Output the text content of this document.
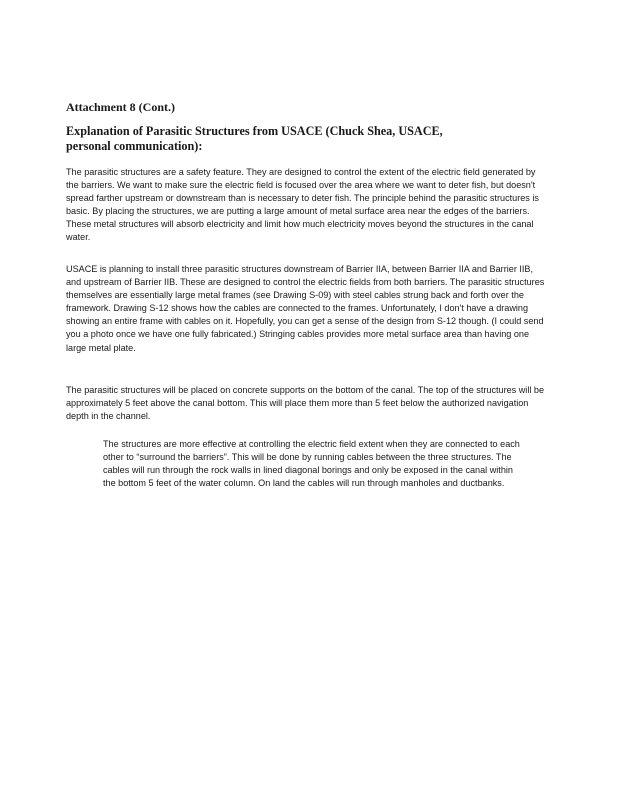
Attachment 8 (Cont.)
Explanation of Parasitic Structures from USACE (Chuck Shea, USACE, personal communication):

The parasitic structures are a safety feature. They are designed to control the extent of the electric field generated by the barriers. We want to make sure the electric field is focused over the area where we want to deter fish, but doesn't spread farther upstream or downstream than is necessary to deter fish. The principle behind the parasitic structures is basic. By placing the structures, we are putting a large amount of metal surface area near the edges of the barriers. These metal structures will absorb electricity and limit how much electricity moves beyond the structures in the canal water.

USACE is planning to install three parasitic structures downstream of Barrier IIA, between Barrier IIA and Barrier IIB, and upstream of Barrier IIB. These are designed to control the electric fields from both barriers. The parasitic structures themselves are essentially large metal frames (see Drawing S-09) with steel cables strung back and forth over the framework. Drawing S-12 shows how the cables are connected to the frames. Unfortunately, I don't have a drawing showing an entire frame with cables on it. Hopefully, you can get a sense of the design from S-12 though. (I could send you a photo once we have one fully fabricated.) Stringing cables provides more metal surface area than having one large metal plate.

The parasitic structures will be placed on concrete supports on the bottom of the canal. The top of the structures will be approximately 5 feet above the canal bottom. This will place them more than 5 feet below the authorized navigation depth in the channel.

The structures are more effective at controlling the electric field extent when they are connected to each other to “surround the barriers”. This will be done by running cables between the three structures. The cables will run through the rock walls in lined diagonal borings and only be exposed in the canal within the bottom 5 feet of the water column. On land the cables will run through manholes and ductbanks.
